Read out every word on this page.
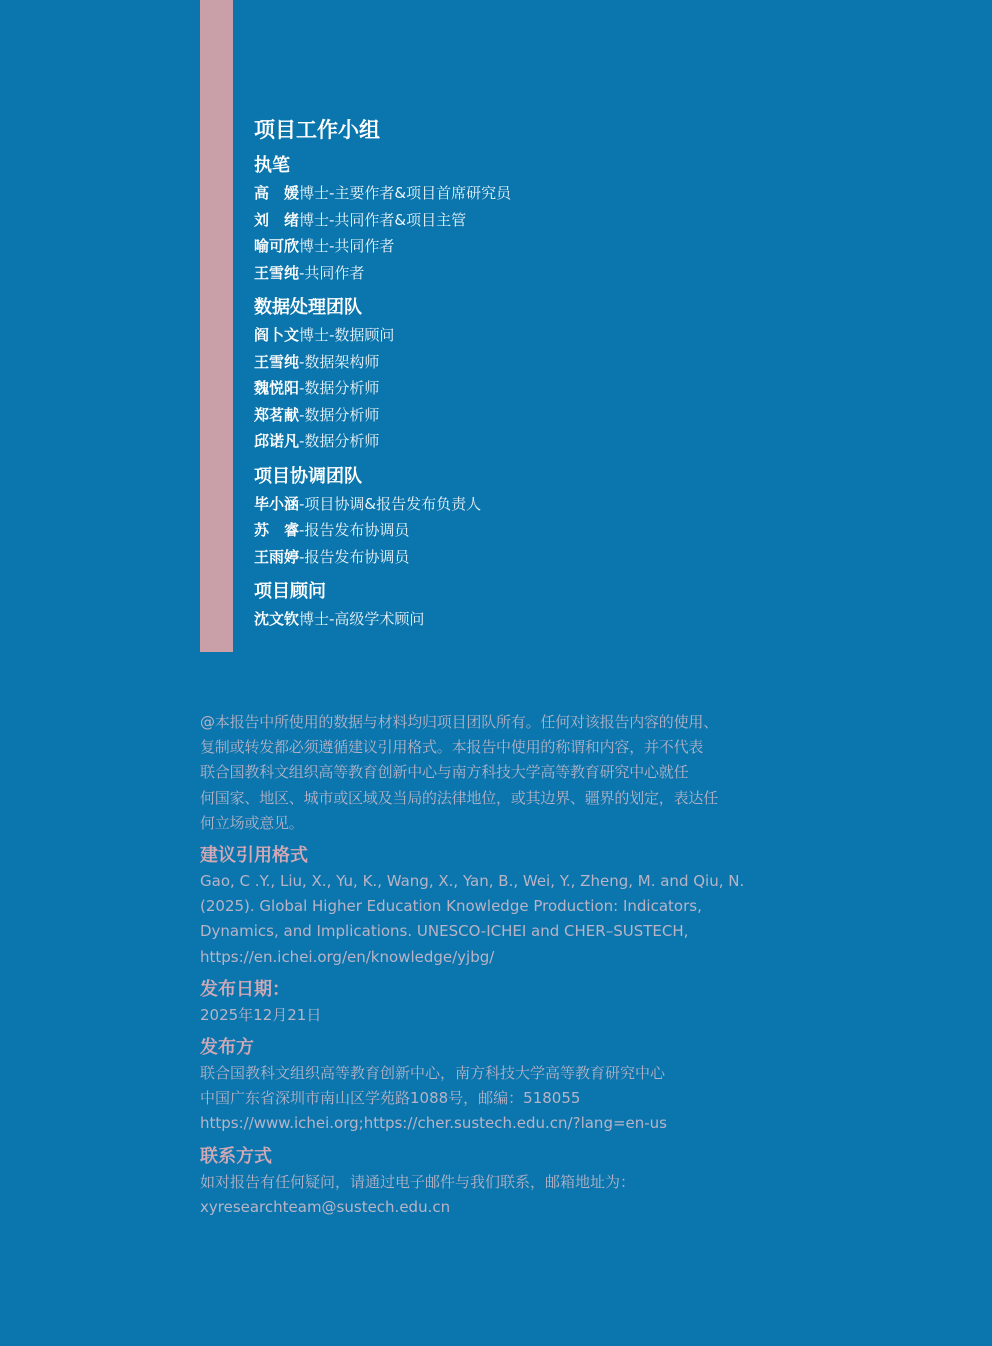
项目工作小组
执笔
高　媛博士-主要作者&项目首席研究员
刘　绪博士-共同作者&项目主管
喻可欣博士-共同作者
王雪纯-共同作者
数据处理团队
阎卜文博士-数据顾问
王雪纯-数据架构师
魏悦阳-数据分析师
郑茗献-数据分析师
邱诺凡-数据分析师
项目协调团队
毕小涵-项目协调&报告发布负责人
苏　睿-报告发布协调员
王雨婷-报告发布协调员
项目顾问
沈文钦博士-高级学术顾问

@本报告中所使用的数据与材料均归项目团队所有。任何对该报告内容的使用、

复制或转发都必须遵循建议引用格式。本报告中使用的称谓和内容，并不代表

联合国教科文组织高等教育创新中心与南方科技大学高等教育研究中心就任

何国家、地区、城市或区域及当局的法律地位，或其边界、疆界的划定，表达任

何立场或意见。

建议引用格式

Gao, C .Y., Liu, X., Yu, K., Wang, X., Yan, B., Wei, Y., Zheng, M. and Qiu, N.

(2025). Global Higher Education Knowledge Production: Indicators,

Dynamics, and Implications. UNESCO-ICHEI and CHER–SUSTECH,

https://en.ichei.org/en/knowledge/yjbg/

发布日期：

2025年12月21日

发布方

联合国教科文组织高等教育创新中心，南方科技大学高等教育研究中心

中国广东省深圳市南山区学苑路1088号，邮编：518055

https://www.ichei.org;https://cher.sustech.edu.cn/?lang=en-us

联系方式

如对报告有任何疑问，请通过电子邮件与我们联系，邮箱地址为：

xyresearchteam@sustech.edu.cn
